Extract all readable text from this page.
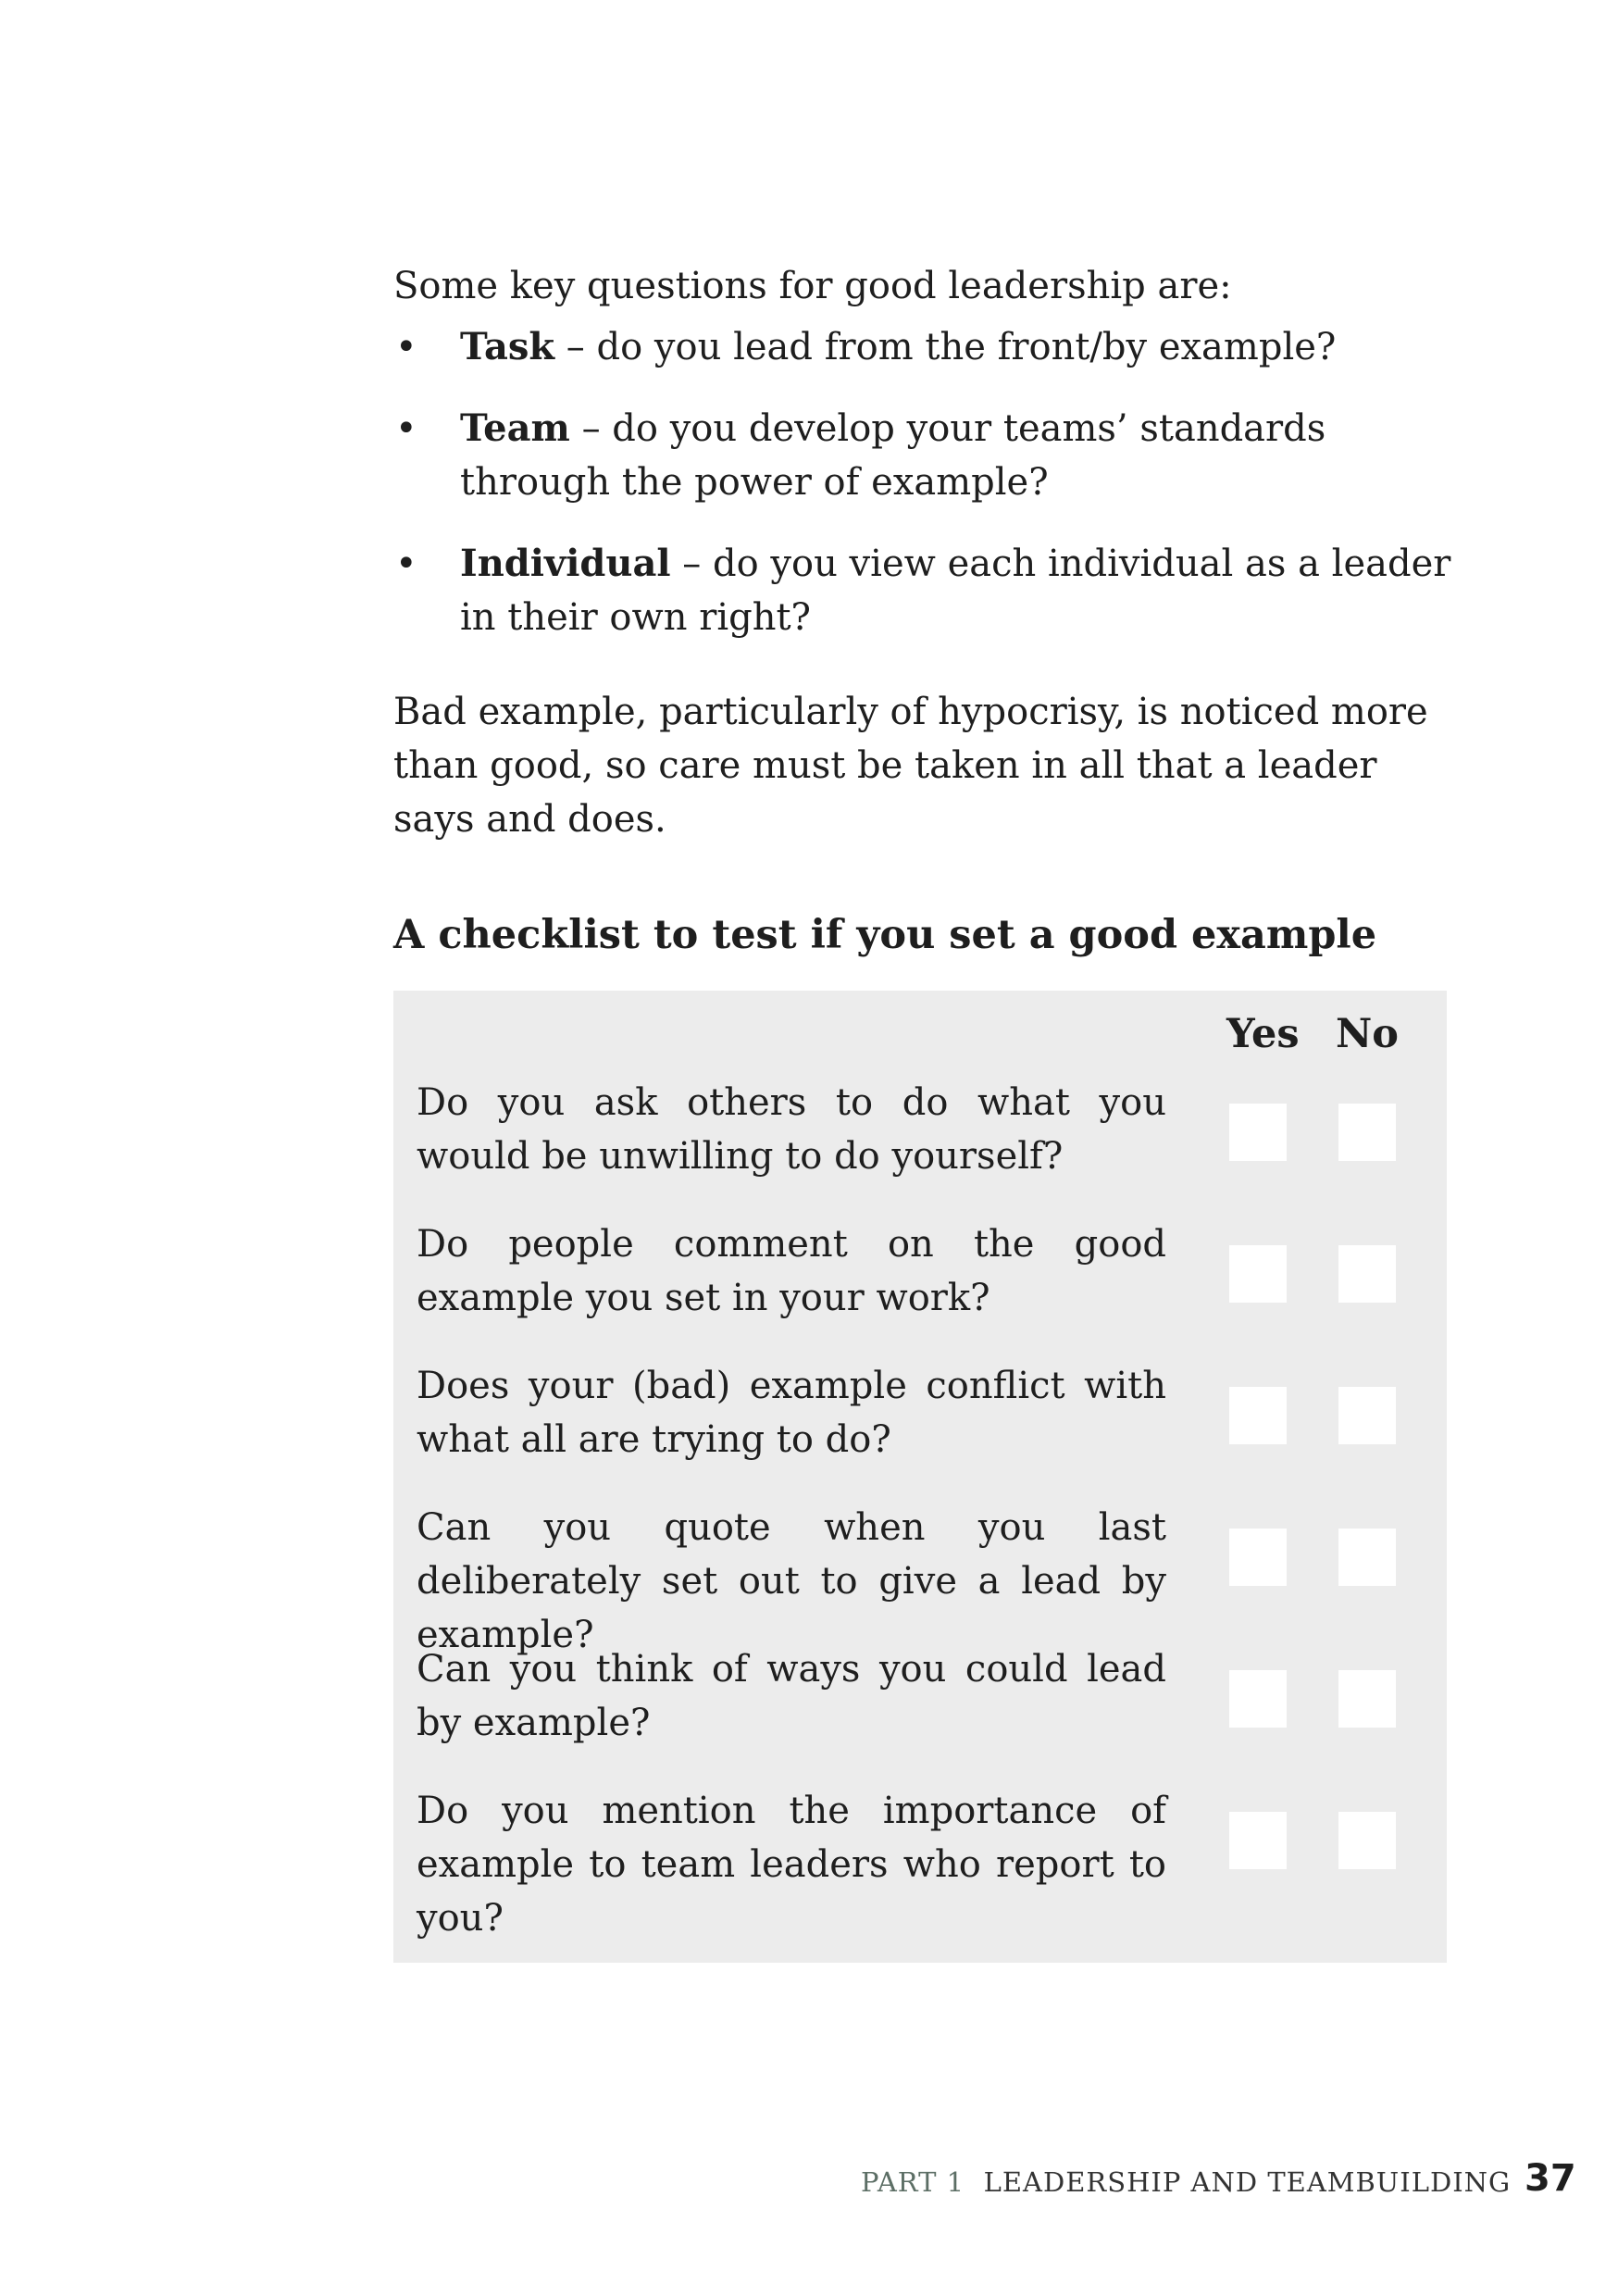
Some key questions for good leadership are:

• Task – do you lead from the front/by example?
• Team – do you develop your teams’ standards through the power of example?
• Individual – do you view each individual as a leader in their own right?

Bad example, particularly of hypocrisy, is noticed more than good, so care must be taken in all that a leader says and does.

A checklist to test if you set a good example
Yes No
Do you ask others to do what you would be unwilling to do yourself?
Do people comment on the good example you set in your work?
Does your (bad) example conflict with what all are trying to do?
Can you quote when you last deliberately set out to give a lead by example?
Can you think of ways you could lead by example?
Do you mention the importance of example to team leaders who report to you?
PART 1 LEADERSHIP AND TEAMBUILDING 37
